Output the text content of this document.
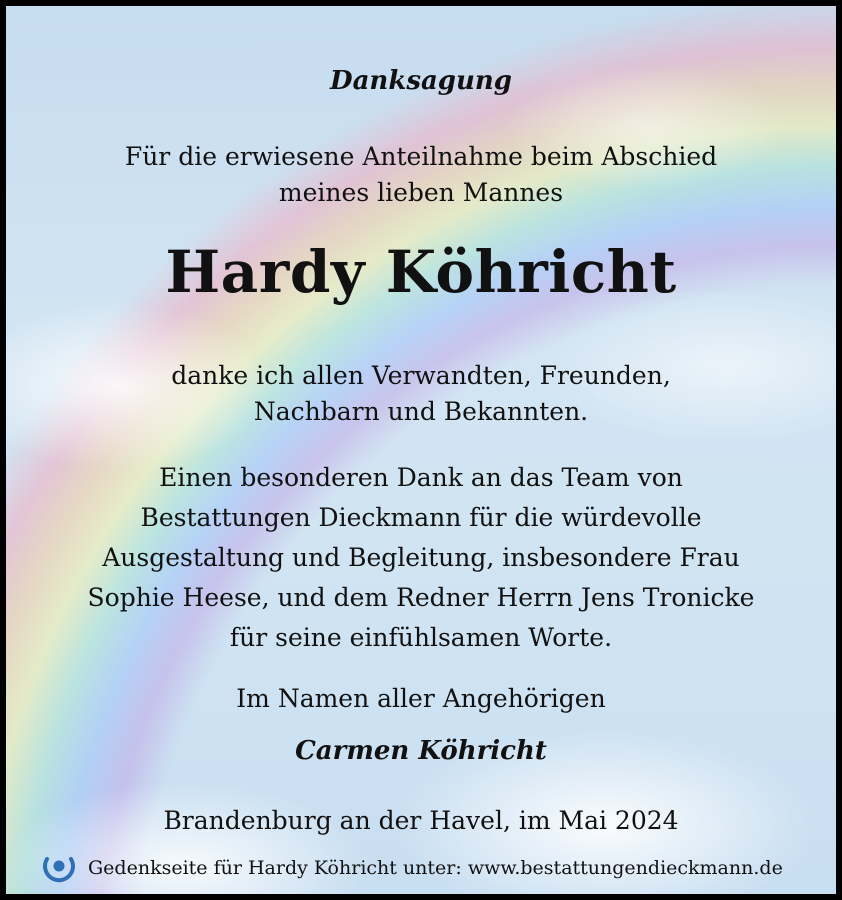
Danksagung
Für die erwiesene Anteilnahme beim Abschied
meines lieben Mannes
Hardy Köhricht
danke ich allen Verwandten, Freunden,
Nachbarn und Bekannten.
Einen besonderen Dank an das Team von
Bestattungen Dieckmann für die würdevolle
Ausgestaltung und Begleitung, insbesondere Frau
Sophie Heese, und dem Redner Herrn Jens Tronicke
für seine einfühlsamen Worte.
Im Namen aller Angehörigen
Carmen Köhricht
Brandenburg an der Havel, im Mai 2024
Gedenkseite für Hardy Köhricht unter: www.bestattungendieckmann.de
